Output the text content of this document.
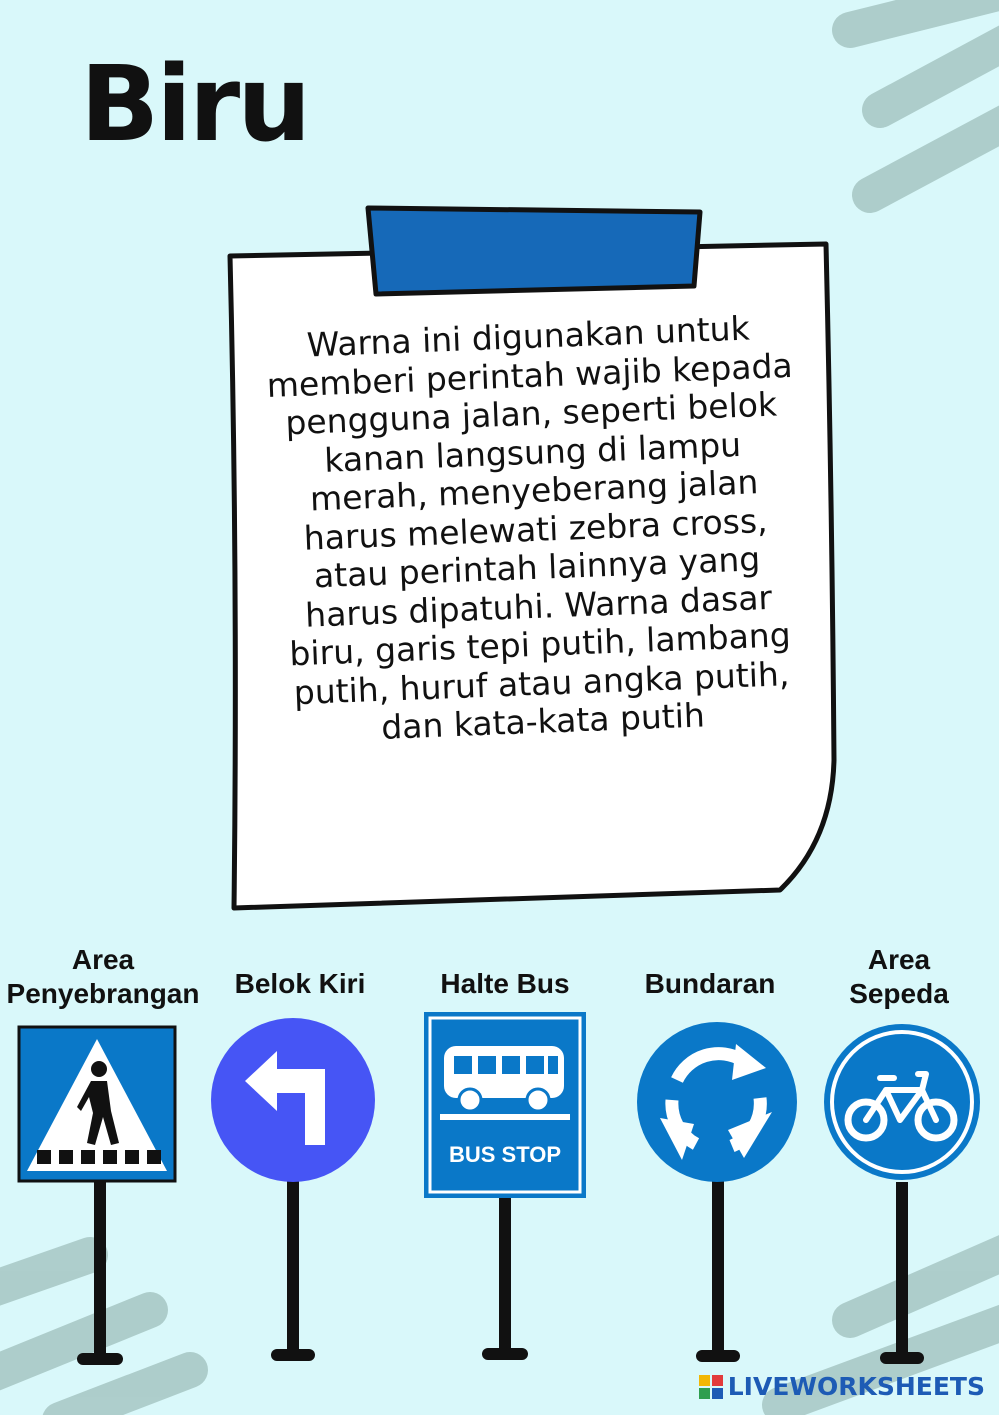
Biru
Warna ini digunakan untuk memberi perintah wajib kepada pengguna jalan, seperti belok kanan langsung di lampu merah, menyeberang jalan harus melewati zebra cross, atau perintah lainnya yang harus dipatuhi. Warna dasar biru, garis tepi putih, lambang putih, huruf atau angka putih, dan kata-kata putih
Area Penyebrangan	Belok Kiri	Halte Bus	Bundaran
Area Sepeda
BUS STOP
LIVEWORKSHEETS
